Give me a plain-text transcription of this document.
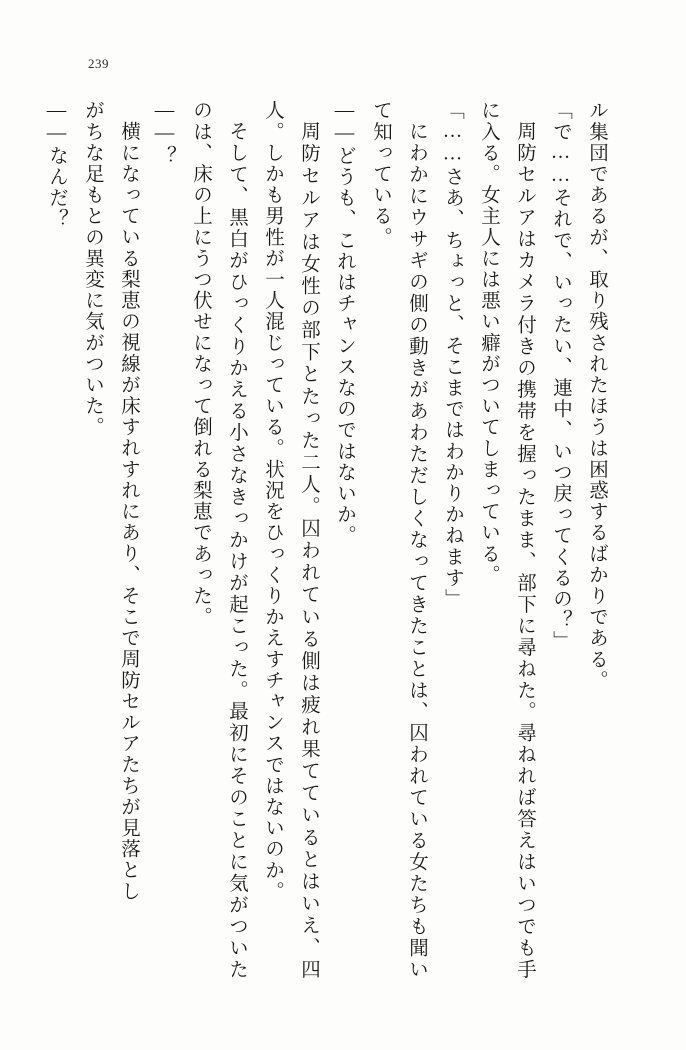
239

ル集団であるが、取り残されたほうは困惑するばかりである。

「で……それで、いったい、連中、いつ戻ってくるの？」

周防セルアはカメラ付きの携帯を握ったまま、部下に尋ねた。尋ねれば答えはいつでも手に入る。女主人には悪い癖がついてしまっている。

「……さあ、ちょっと、そこまではわかりかねます」

にわかにウサギの側の動きがあわただしくなってきたことは、囚われている女たちも聞いて知っている。

――どうも、これはチャンスなのではないか。

周防セルアは女性の部下とたった二人。囚われている側は疲れ果てているとはいえ、四人。しかも男性が一人混じっている。状況をひっくりかえすチャンスではないのか。

そして、黒白がひっくりかえる小さなきっかけが起こった。最初にそのことに気がついたのは、床の上にうつ伏せになって倒れる梨恵であった。

――？

横になっている梨恵の視線が床すれすれにあり、そこで周防セルアたちが見落とし

がちな足もとの異変に気がついた。

――なんだ？
